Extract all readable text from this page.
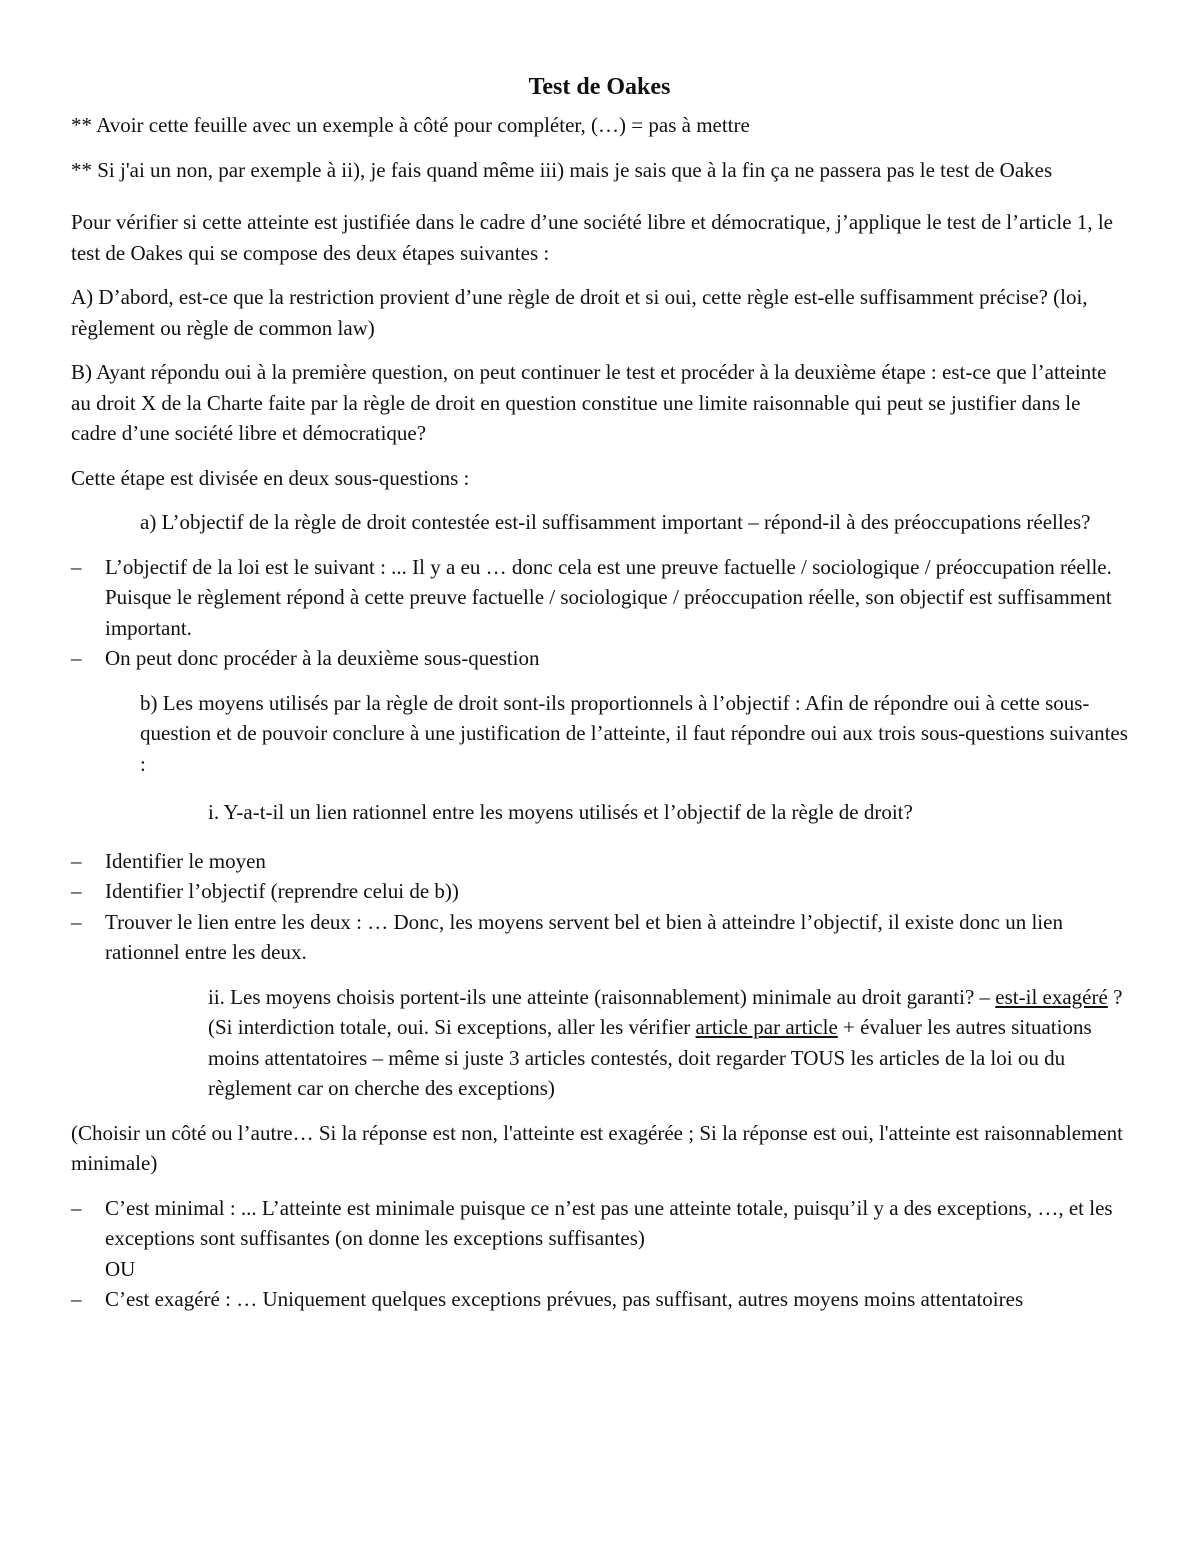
Test de Oakes

** Avoir cette feuille avec un exemple à côté pour compléter, (…) = pas à mettre

** Si j'ai un non, par exemple à ii), je fais quand même iii) mais je sais que à la fin ça ne passera pas le test de Oakes

Pour vérifier si cette atteinte est justifiée dans le cadre d’une société libre et démocratique, j’applique le test de l’article 1, le test de Oakes qui se compose des deux étapes suivantes :

A) D’abord, est-ce que la restriction provient d’une règle de droit et si oui, cette règle est-elle suffisamment précise? (loi, règlement ou règle de common law)

B) Ayant répondu oui à la première question, on peut continuer le test et procéder à la deuxième étape : est-ce que l’atteinte au droit X de la Charte faite par la règle de droit en question constitue une limite raisonnable qui peut se justifier dans le cadre d’une société libre et démocratique?

Cette étape est divisée en deux sous-questions :

a) L’objectif de la règle de droit contestée est-il suffisamment important – répond-il à des préoccupations réelles?

– L’objectif de la loi est le suivant : ... Il y a eu … donc cela est une preuve factuelle / sociologique / préoccupation réelle. Puisque le règlement répond à cette preuve factuelle / sociologique / préoccupation réelle, son objectif est suffisamment important.
– On peut donc procéder à la deuxième sous-question

b) Les moyens utilisés par la règle de droit sont-ils proportionnels à l’objectif : Afin de répondre oui à cette sous-question et de pouvoir conclure à une justification de l’atteinte, il faut répondre oui aux trois sous-questions suivantes :

i. Y-a-t-il un lien rationnel entre les moyens utilisés et l’objectif de la règle de droit?

– Identifier le moyen
– Identifier l’objectif (reprendre celui de b))
– Trouver le lien entre les deux : … Donc, les moyens servent bel et bien à atteindre l’objectif, il existe donc un lien rationnel entre les deux.

ii. Les moyens choisis portent-ils une atteinte (raisonnablement) minimale au droit garanti? – est-il exagéré ? (Si interdiction totale, oui. Si exceptions, aller les vérifier article par article + évaluer les autres situations moins attentatoires – même si juste 3 articles contestés, doit regarder TOUS les articles de la loi ou du règlement car on cherche des exceptions)

(Choisir un côté ou l’autre… Si la réponse est non, l'atteinte est exagérée ; Si la réponse est oui, l'atteinte est raisonnablement minimale)

– C’est minimal : ... L’atteinte est minimale puisque ce n’est pas une atteinte totale, puisqu’il y a des exceptions, …, et les exceptions sont suffisantes (on donne les exceptions suffisantes)
OU
– C’est exagéré : … Uniquement quelques exceptions prévues, pas suffisant, autres moyens moins attentatoires
